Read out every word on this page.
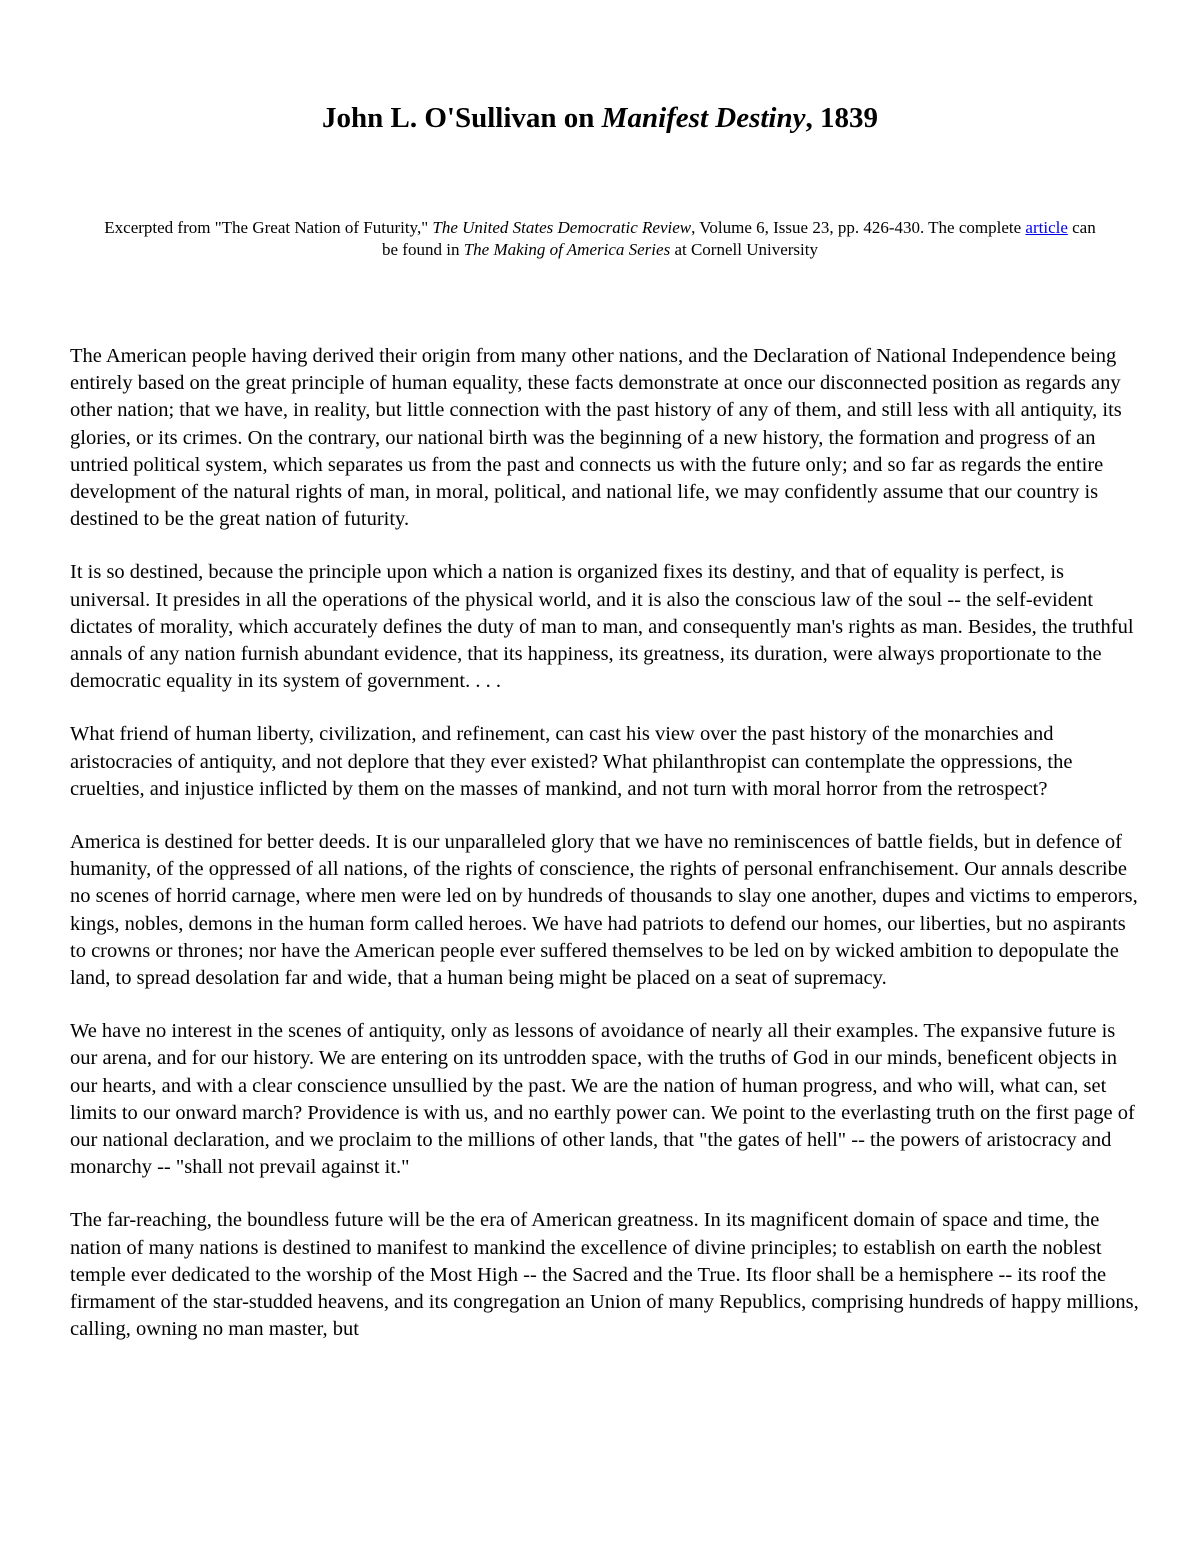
John L. O'Sullivan on Manifest Destiny, 1839

Excerpted from "The Great Nation of Futurity," The United States Democratic Review, Volume 6, Issue 23, pp. 426-430. The complete article can be found in The Making of America Series at Cornell University

The American people having derived their origin from many other nations, and the Declaration of National Independence being entirely based on the great principle of human equality, these facts demonstrate at once our disconnected position as regards any other nation; that we have, in reality, but little connection with the past history of any of them, and still less with all antiquity, its glories, or its crimes. On the contrary, our national birth was the beginning of a new history, the formation and progress of an untried political system, which separates us from the past and connects us with the future only; and so far as regards the entire development of the natural rights of man, in moral, political, and national life, we may confidently assume that our country is destined to be the great nation of futurity.

It is so destined, because the principle upon which a nation is organized fixes its destiny, and that of equality is perfect, is universal. It presides in all the operations of the physical world, and it is also the conscious law of the soul -- the self-evident dictates of morality, which accurately defines the duty of man to man, and consequently man's rights as man. Besides, the truthful annals of any nation furnish abundant evidence, that its happiness, its greatness, its duration, were always proportionate to the democratic equality in its system of government. . . .

What friend of human liberty, civilization, and refinement, can cast his view over the past history of the monarchies and aristocracies of antiquity, and not deplore that they ever existed? What philanthropist can contemplate the oppressions, the cruelties, and injustice inflicted by them on the masses of mankind, and not turn with moral horror from the retrospect?

America is destined for better deeds. It is our unparalleled glory that we have no reminiscences of battle fields, but in defence of humanity, of the oppressed of all nations, of the rights of conscience, the rights of personal enfranchisement. Our annals describe no scenes of horrid carnage, where men were led on by hundreds of thousands to slay one another, dupes and victims to emperors, kings, nobles, demons in the human form called heroes. We have had patriots to defend our homes, our liberties, but no aspirants to crowns or thrones; nor have the American people ever suffered themselves to be led on by wicked ambition to depopulate the land, to spread desolation far and wide, that a human being might be placed on a seat of supremacy.

We have no interest in the scenes of antiquity, only as lessons of avoidance of nearly all their examples. The expansive future is our arena, and for our history. We are entering on its untrodden space, with the truths of God in our minds, beneficent objects in our hearts, and with a clear conscience unsullied by the past. We are the nation of human progress, and who will, what can, set limits to our onward march? Providence is with us, and no earthly power can. We point to the everlasting truth on the first page of our national declaration, and we proclaim to the millions of other lands, that "the gates of hell" -- the powers of aristocracy and monarchy -- "shall not prevail against it."

The far-reaching, the boundless future will be the era of American greatness. In its magnificent domain of space and time, the nation of many nations is destined to manifest to mankind the excellence of divine principles; to establish on earth the noblest temple ever dedicated to the worship of the Most High -- the Sacred and the True. Its floor shall be a hemisphere -- its roof the firmament of the star-studded heavens, and its congregation an Union of many Republics, comprising hundreds of happy millions, calling, owning no man master, but
